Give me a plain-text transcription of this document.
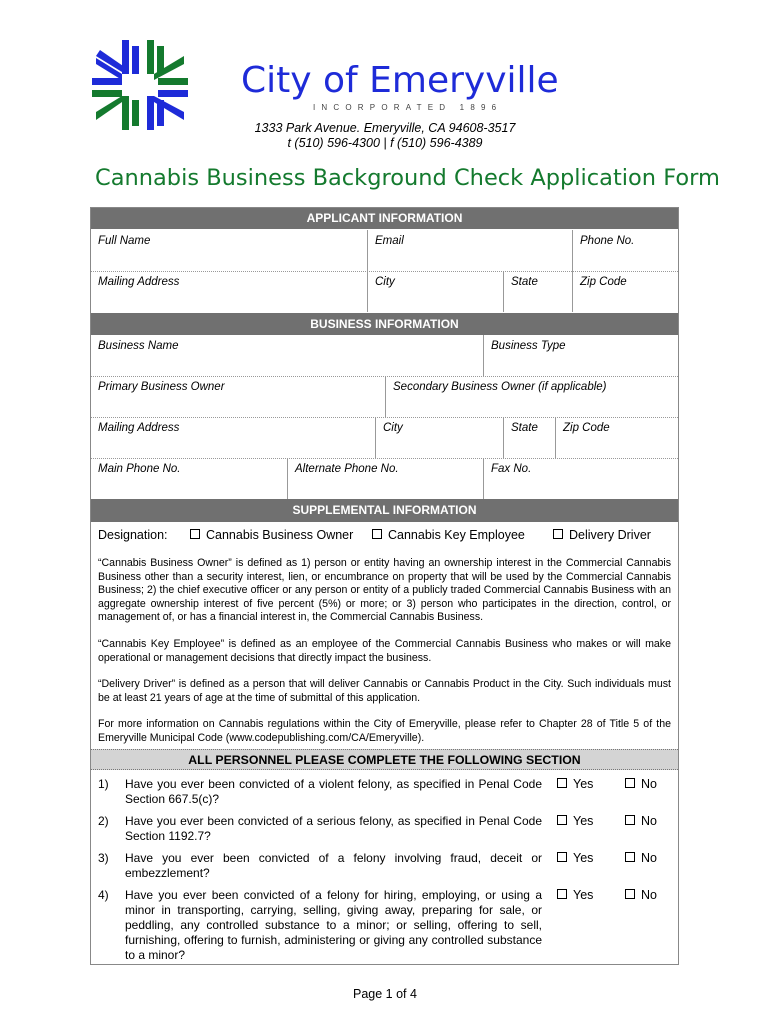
City of Emeryville
INCORPORATED 1896
1333 Park Avenue. Emeryville, CA 94608-3517
t (510) 596-4300 | f (510) 596-4389
Cannabis Business Background Check Application Form
APPLICANT INFORMATION
Full Name	Email	Phone No.
Mailing Address	City	State	Zip Code
BUSINESS INFORMATION
Business Name	Business Type
Primary Business Owner	Secondary Business Owner (if applicable)
Mailing Address	City	State	Zip Code
Main Phone No.	Alternate Phone No.	Fax No.
SUPPLEMENTAL INFORMATION
Designation:	Cannabis Business Owner	Cannabis Key Employee	Delivery Driver
“Cannabis Business Owner” is defined as 1) person or entity having an ownership interest in the Commercial Cannabis Business other than a security interest, lien, or encumbrance on property that will be used by the Commercial Cannabis Business; 2) the chief executive officer or any person or entity of a publicly traded Commercial Cannabis Business with an aggregate ownership interest of five percent (5%) or more; or 3) person who participates in the direction, control, or management of, or has a financial interest in, the Commercial Cannabis Business.
“Cannabis Key Employee” is defined as an employee of the Commercial Cannabis Business who makes or will make operational or management decisions that directly impact the business.
“Delivery Driver” is defined as a person that will deliver Cannabis or Cannabis Product in the City. Such individuals must be at least 21 years of age at the time of submittal of this application.
For more information on Cannabis regulations within the City of Emeryville, please refer to Chapter 28 of Title 5 of the Emeryville Municipal Code (www.codepublishing.com/CA/Emeryville).
ALL PERSONNEL PLEASE COMPLETE THE FOLLOWING SECTION
1) Have you ever been convicted of a violent felony, as specified in Penal Code Section 667.5(c)?
Yes	No
2) Have you ever been convicted of a serious felony, as specified in Penal Code Section 1192.7?
Yes	No
3) Have you ever been convicted of a felony involving fraud, deceit or embezzlement?
Yes	No
4) Have you ever been convicted of a felony for hiring, employing, or using a minor in transporting, carrying, selling, giving away, preparing for sale, or peddling, any controlled substance to a minor; or selling, offering to sell, furnishing, offering to furnish, administering or giving any controlled substance to a minor?
Yes	No
Page 1 of 4
